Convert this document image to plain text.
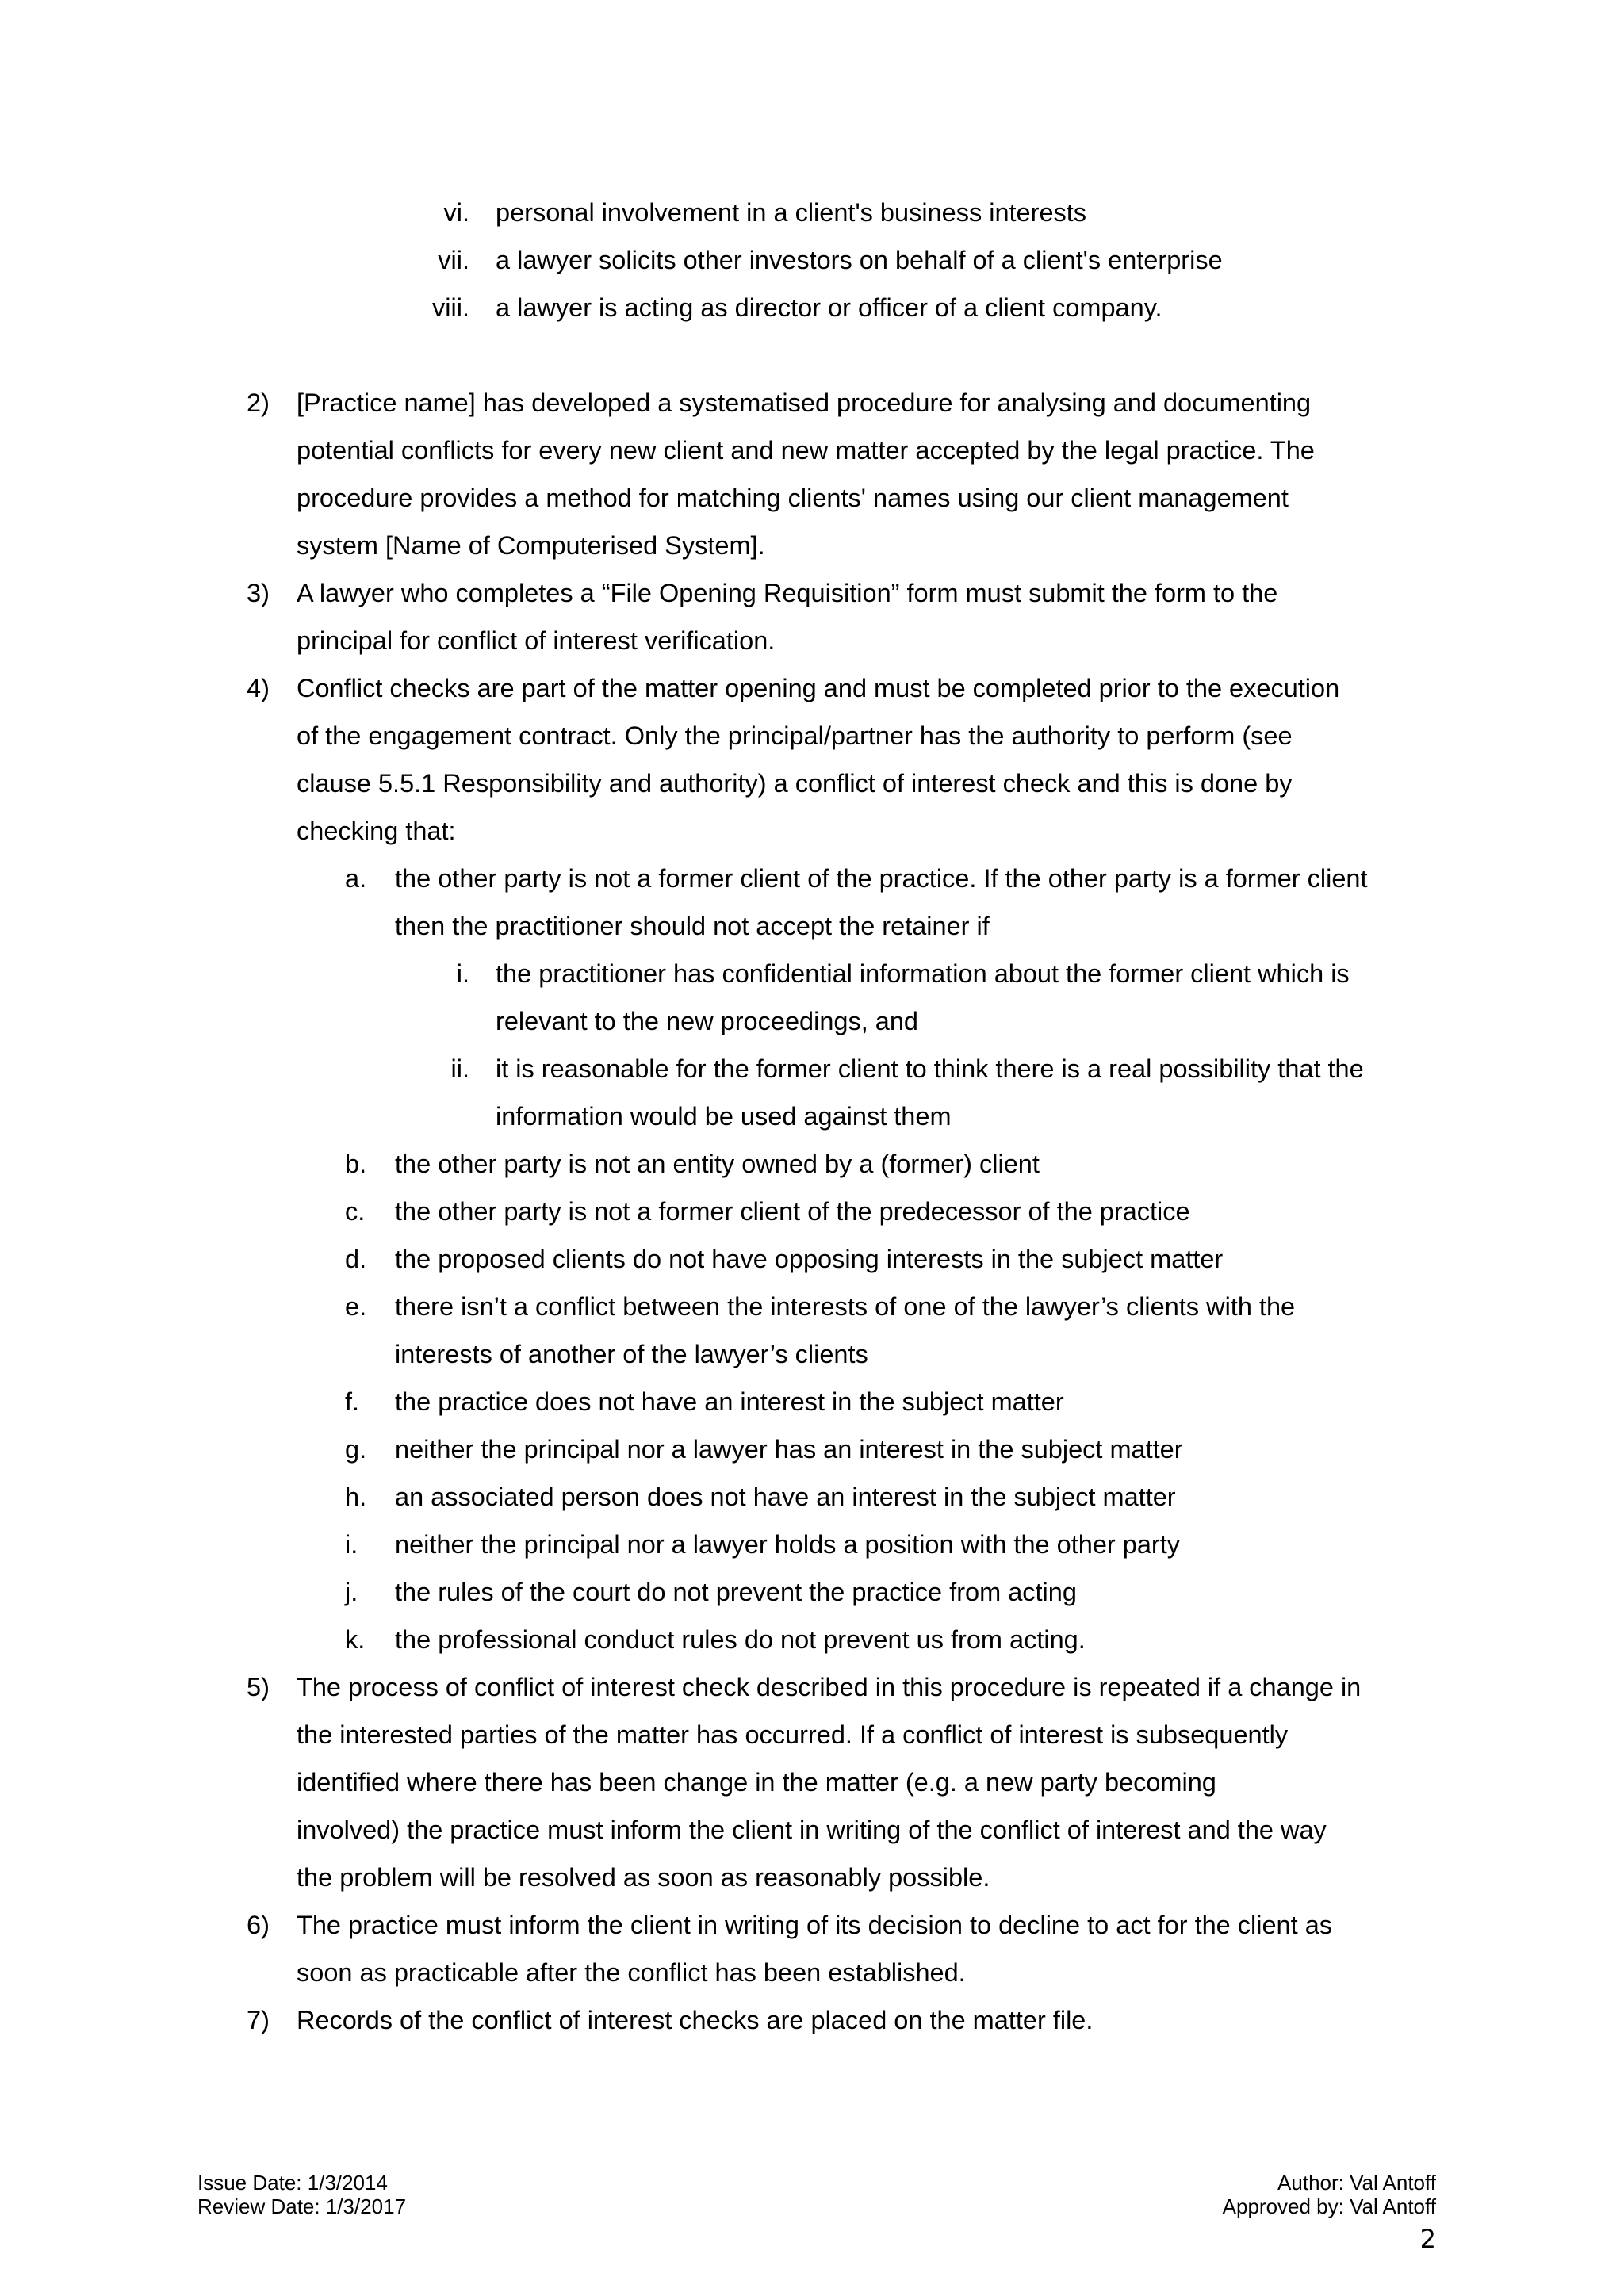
vi. personal involvement in a client's business interests
vii. a lawyer solicits other investors on behalf of a client's enterprise
viii. a lawyer is acting as director or officer of a client company.
2) [Practice name] has developed a systematised procedure for analysing and documenting
potential conflicts for every new client and new matter accepted by the legal practice. The
procedure provides a method for matching clients' names using our client management
system [Name of Computerised System].
3) A lawyer who completes a “File Opening Requisition” form must submit the form to the
principal for conflict of interest verification.
4) Conflict checks are part of the matter opening and must be completed prior to the execution
of the engagement contract. Only the principal/partner has the authority to perform (see
clause 5.5.1 Responsibility and authority) a conflict of interest check and this is done by
checking that:
a. the other party is not a former client of the practice. If the other party is a former client
then the practitioner should not accept the retainer if
i. the practitioner has confidential information about the former client which is
relevant to the new proceedings, and
ii. it is reasonable for the former client to think there is a real possibility that the
information would be used against them
b. the other party is not an entity owned by a (former) client
c. the other party is not a former client of the predecessor of the practice
d. the proposed clients do not have opposing interests in the subject matter
e. there isn’t a conflict between the interests of one of the lawyer’s clients with the
interests of another of the lawyer’s clients
f. the practice does not have an interest in the subject matter
g. neither the principal nor a lawyer has an interest in the subject matter
h. an associated person does not have an interest in the subject matter
i. neither the principal nor a lawyer holds a position with the other party
j. the rules of the court do not prevent the practice from acting
k. the professional conduct rules do not prevent us from acting.
5) The process of conflict of interest check described in this procedure is repeated if a change in
the interested parties of the matter has occurred. If a conflict of interest is subsequently
identified where there has been change in the matter (e.g. a new party becoming
involved) the practice must inform the client in writing of the conflict of interest and the way
the problem will be resolved as soon as reasonably possible.
6) The practice must inform the client in writing of its decision to decline to act for the client as
soon as practicable after the conflict has been established.
7) Records of the conflict of interest checks are placed on the matter file.
Issue Date: 1/3/2014
Review Date: 1/3/2017
Author: Val Antoff
Approved by: Val Antoff
2
